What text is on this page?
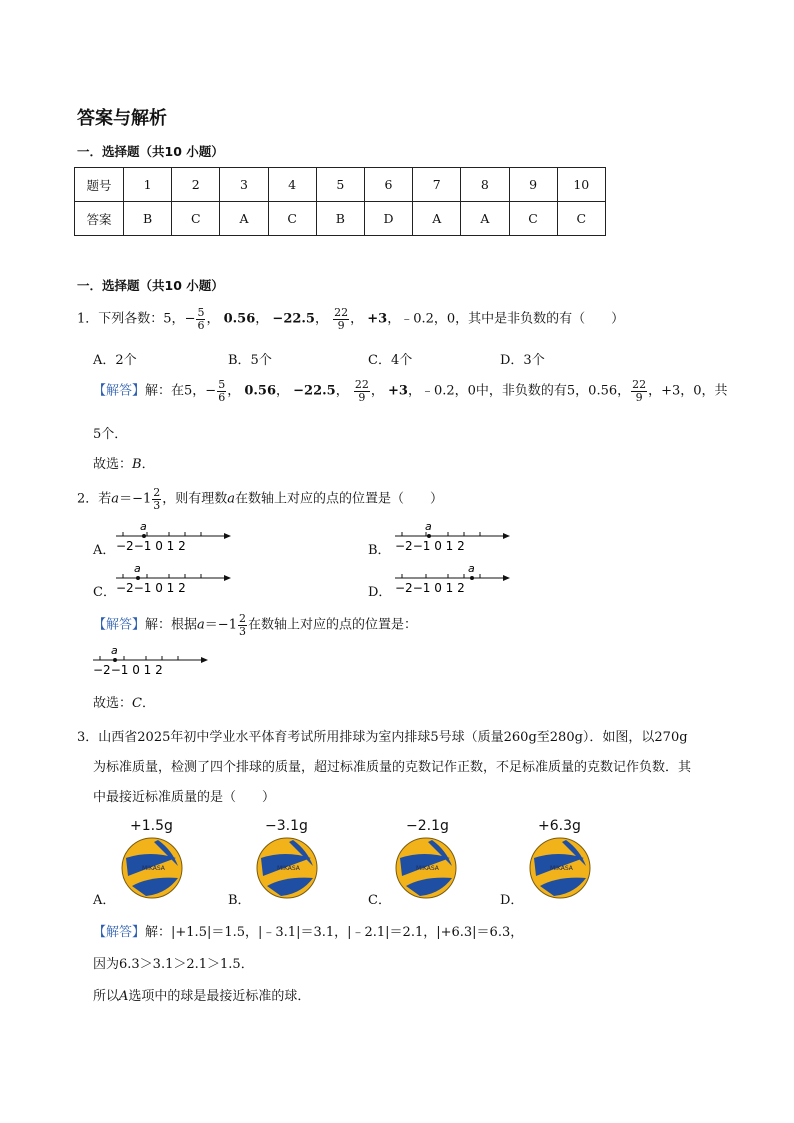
答案与解析
一．选择题（共10 小题）
题号	1	2	3	4	5	6	7	8	9	10
答案	B	C	A	C	B	D	A	A	C	C
一．选择题（共10 小题）
1．下列各数：5，− $\frac{5}{6}$ ， 0.56， −22.5， $\frac{22}{9}$ ， +3，﹣0.2，0，其中是非负数的有（　　）
A．2个	B．5个	C．4个	D．3个
【解答】解：在5，− $\frac{5}{6}$ ， 0.56， −22.5， $\frac{22}{9}$ ， +3，﹣0.2，0中，非负数的有5，0.56， $\frac{22}{9}$ ，+3，0，共
5个．
故选：B．
2．若$a=-1 \frac{2}{3}$ ，则有理数a在数轴上对应的点的位置是（　　）
A．	B．
C．	D．
a
−2−1 0 1 2
a
−2−1 0 1 2
a
−2−1 0 1 2
a
−2−1 0 1 2
【解答】解：根据$a=-1 \frac{2}{3}$ 在数轴上对应的点的位置是：
a
−2−1 0 1 2
故选：C．
3．山西省2025年初中学业水平体育考试所用排球为室内排球5号球（质量260g至280g）．如图，以270g
为标准质量，检测了四个排球的质量，超过标准质量的克数记作正数，不足标准质量的克数记作负数．其
中最接近标准质量的是（　　）
+1.5g	−3.1g	−2.1g	+6.3g
MIKASA	MIKASA	MIKASA	MIKASA
A．	B．	C．	D．
【解答】解：|+1.5|＝1.5，|﹣3.1|＝3.1，|﹣2.1|＝2.1，|+6.3|＝6.3，
因为6.3＞3.1＞2.1＞1.5．
所以A选项中的球是最接近标准的球．
